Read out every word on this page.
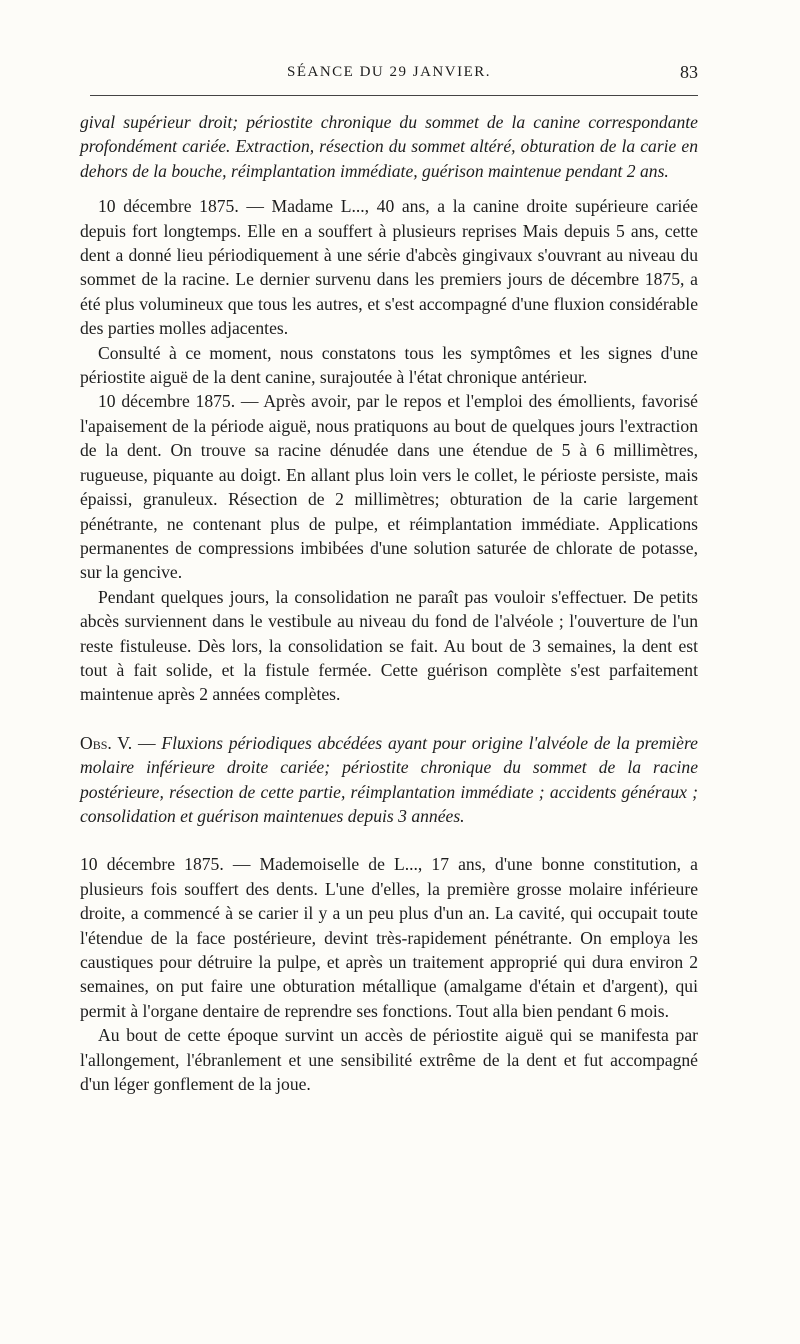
SÉANCE DU 29 JANVIER.	83

gival supérieur droit; périostite chronique du sommet de la canine correspondante profondément cariée. Extraction, résection du sommet altéré, obturation de la carie en dehors de la bouche, réimplantation immédiate, guérison maintenue pendant 2 ans.

10 décembre 1875. — Madame L..., 40 ans, a la canine droite supérieure cariée depuis fort longtemps. Elle en a souffert à plusieurs reprises Mais depuis 5 ans, cette dent a donné lieu périodiquement à une série d'abcès gingivaux s'ouvrant au niveau du sommet de la racine. Le dernier survenu dans les premiers jours de décembre 1875, a été plus volumineux que tous les autres, et s'est accompagné d'une fluxion considérable des parties molles adjacentes.

Consulté à ce moment, nous constatons tous les symptômes et les signes d'une périostite aiguë de la dent canine, surajoutée à l'état chronique antérieur.

10 décembre 1875. — Après avoir, par le repos et l'emploi des émollients, favorisé l'apaisement de la période aiguë, nous pratiquons au bout de quelques jours l'extraction de la dent. On trouve sa racine dénudée dans une étendue de 5 à 6 millimètres, rugueuse, piquante au doigt. En allant plus loin vers le collet, le périoste persiste, mais épaissi, granuleux. Résection de 2 millimètres; obturation de la carie largement pénétrante, ne contenant plus de pulpe, et réimplantation immédiate. Applications permanentes de compressions imbibées d'une solution saturée de chlorate de potasse, sur la gencive.

Pendant quelques jours, la consolidation ne paraît pas vouloir s'effectuer. De petits abcès surviennent dans le vestibule au niveau du fond de l'alvéole ; l'ouverture de l'un reste fistuleuse. Dès lors, la consolidation se fait. Au bout de 3 semaines, la dent est tout à fait solide, et la fistule fermée. Cette guérison complète s'est parfaitement maintenue après 2 années complètes.

Obs. V. — Fluxions périodiques abcédées ayant pour origine l'alvéole de la première molaire inférieure droite cariée; périostite chronique du sommet de la racine postérieure, résection de cette partie, réimplantation immédiate ; accidents généraux ; consolidation et guérison maintenues depuis 3 années.

10 décembre 1875. — Mademoiselle de L..., 17 ans, d'une bonne constitution, a plusieurs fois souffert des dents. L'une d'elles, la première grosse molaire inférieure droite, a commencé à se carier il y a un peu plus d'un an. La cavité, qui occupait toute l'étendue de la face postérieure, devint très-rapidement pénétrante. On employa les caustiques pour détruire la pulpe, et après un traitement approprié qui dura environ 2 semaines, on put faire une obturation métallique (amalgame d'étain et d'argent), qui permit à l'organe dentaire de reprendre ses fonctions. Tout alla bien pendant 6 mois.

Au bout de cette époque survint un accès de périostite aiguë qui se manifesta par l'allongement, l'ébranlement et une sensibilité extrême de la dent et fut accompagné d'un léger gonflement de la joue.
